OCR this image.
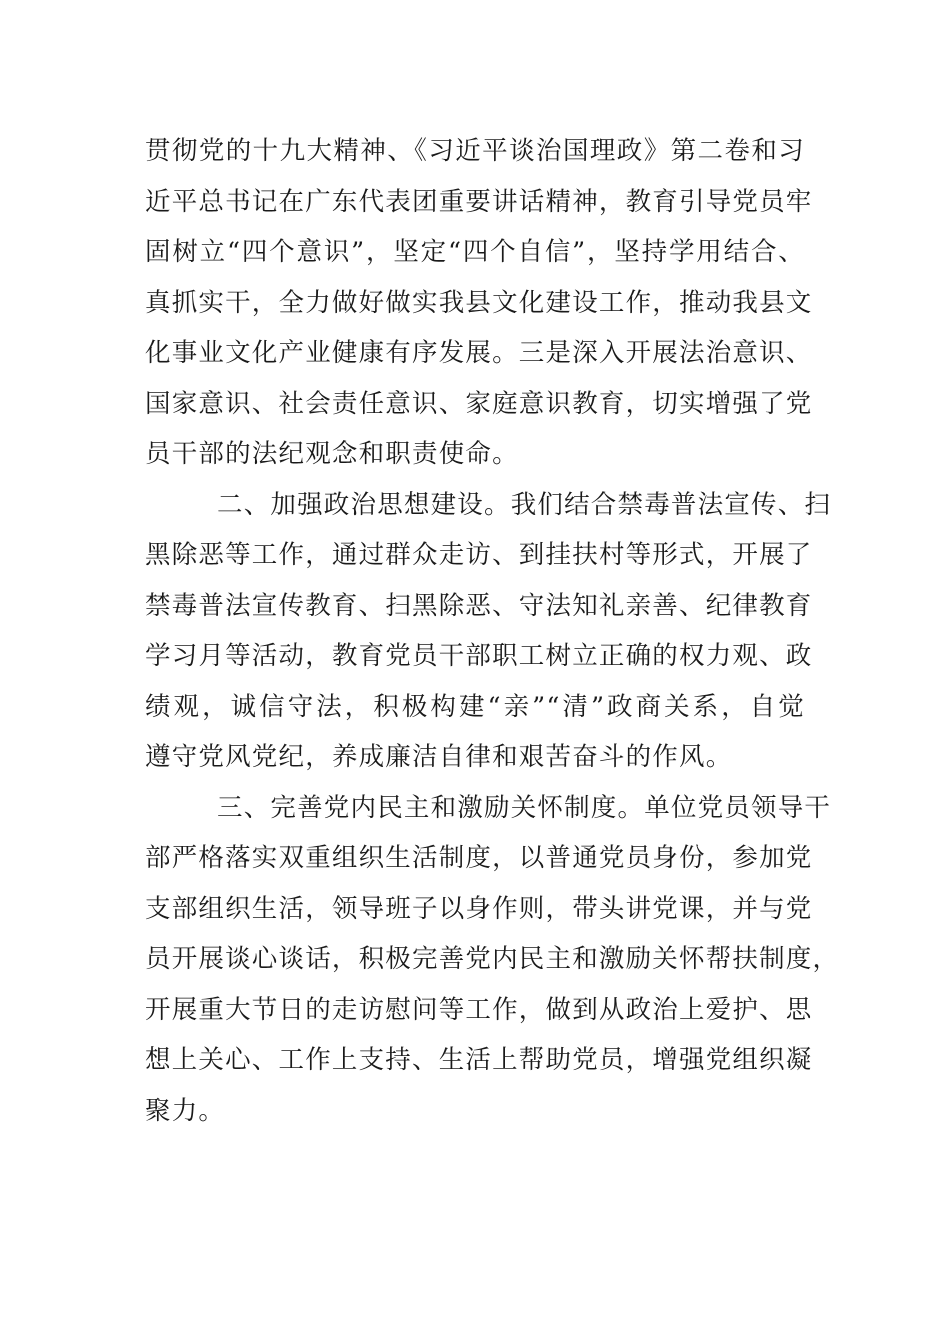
贯彻党的十九大精神、《习近平谈治国理政》第二卷和习
近平总书记在广东代表团重要讲话精神，教育引导党员牢
固树立“四个意识”，坚定“四个自信”，坚持学用结合、
真抓实干，全力做好做实我县文化建设工作，推动我县文
化事业文化产业健康有序发展。三是深入开展法治意识、
国家意识、社会责任意识、家庭意识教育，切实增强了党
员干部的法纪观念和职责使命。
二、加强政治思想建设。我们结合禁毒普法宣传、扫
黑除恶等工作，通过群众走访、到挂扶村等形式，开展了
禁毒普法宣传教育、扫黑除恶、守法知礼亲善、纪律教育
学习月等活动，教育党员干部职工树立正确的权力观、政
绩观，诚信守法，积极构建“亲”“清”政商关系，自觉
遵守党风党纪，养成廉洁自律和艰苦奋斗的作风。
三、完善党内民主和激励关怀制度。单位党员领导干
部严格落实双重组织生活制度，以普通党员身份，参加党
支部组织生活，领导班子以身作则，带头讲党课，并与党
员开展谈心谈话，积极完善党内民主和激励关怀帮扶制度，
开展重大节日的走访慰问等工作，做到从政治上爱护、思
想上关心、工作上支持、生活上帮助党员，增强党组织凝
聚力。
